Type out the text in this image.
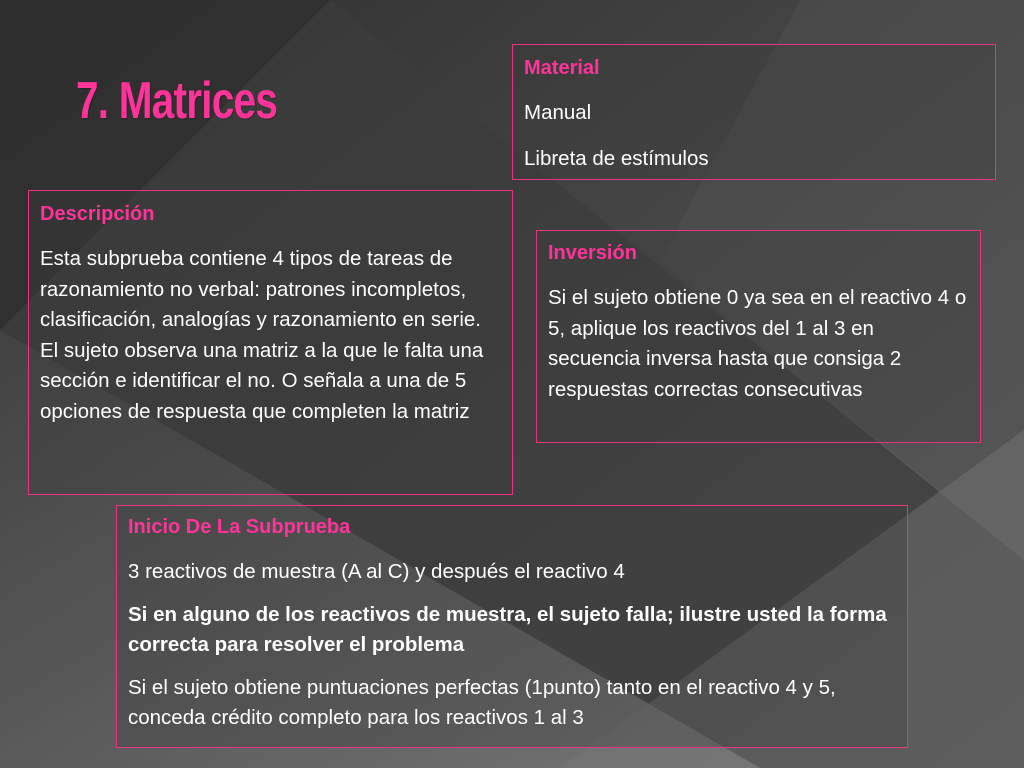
7. Matrices
Material

Manual

Libreta de estímulos

Descripción

Esta subprueba contiene 4 tipos de tareas de razonamiento no verbal: patrones incompletos, clasificación, analogías y razonamiento en serie. El sujeto observa una matriz a la que le falta una sección e identificar el no. O señala a una de 5 opciones de respuesta que completen la matriz

Inversión

Si el sujeto obtiene 0 ya sea en el reactivo 4 o 5, aplique los reactivos del 1 al 3 en secuencia inversa hasta que consiga 2 respuestas correctas consecutivas

Inicio De La Subprueba

3 reactivos de muestra (A al C) y después el reactivo 4

Si en alguno de los reactivos de muestra, el sujeto falla; ilustre usted la forma correcta para resolver el problema

Si el sujeto obtiene puntuaciones perfectas (1punto) tanto en el reactivo 4 y 5, conceda crédito completo para los reactivos 1 al 3
